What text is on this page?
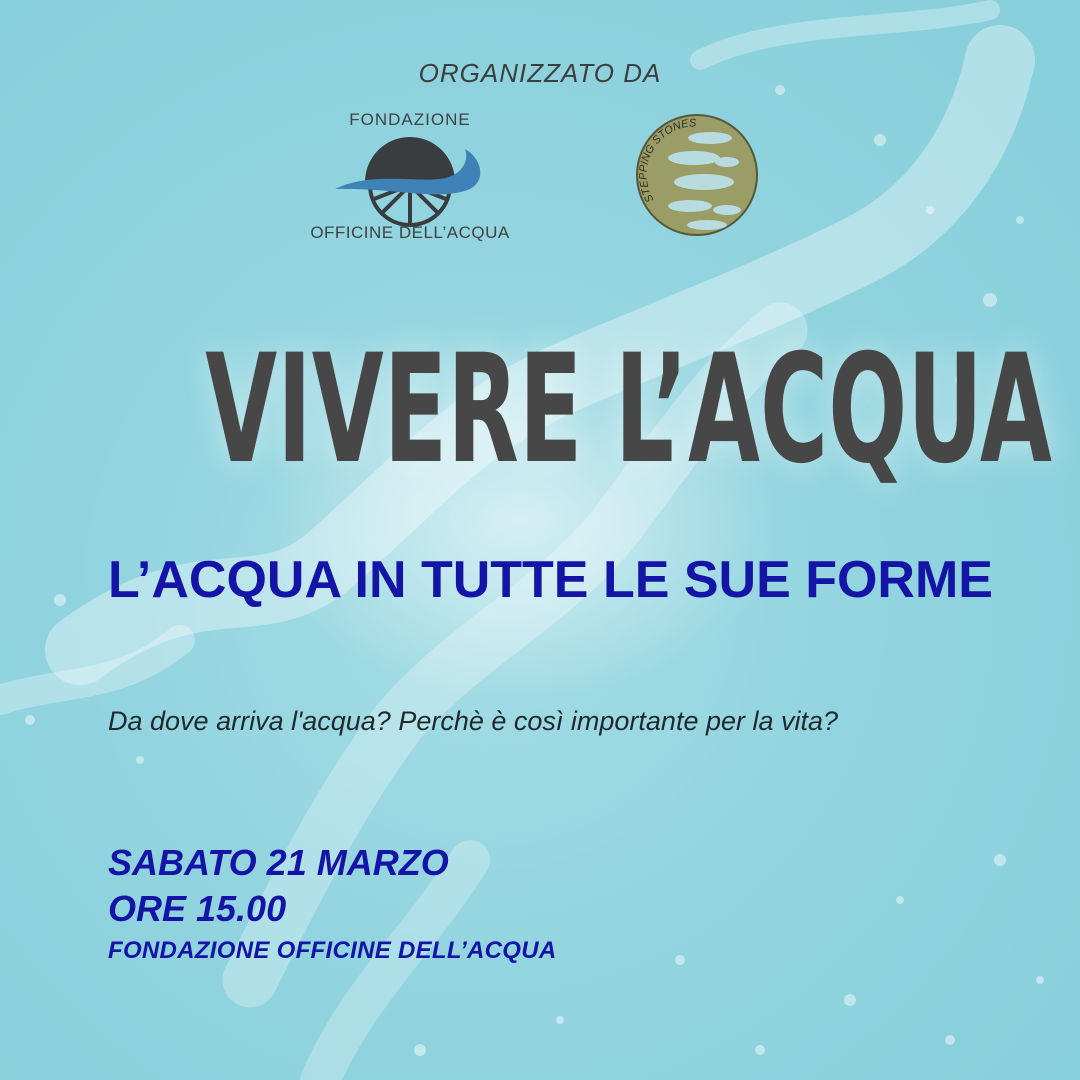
ORGANIZZATO DA
FONDAZIONE
OFFICINE DELL’ACQUA
STEPPING STONES
VIVERE L’ACQUA
L’ACQUA IN TUTTE LE SUE FORME
Da dove arriva l'acqua? Perchè è così importante per la vita?
SABATO 21 MARZO
ORE 15.00
FONDAZIONE OFFICINE DELL’ACQUA
